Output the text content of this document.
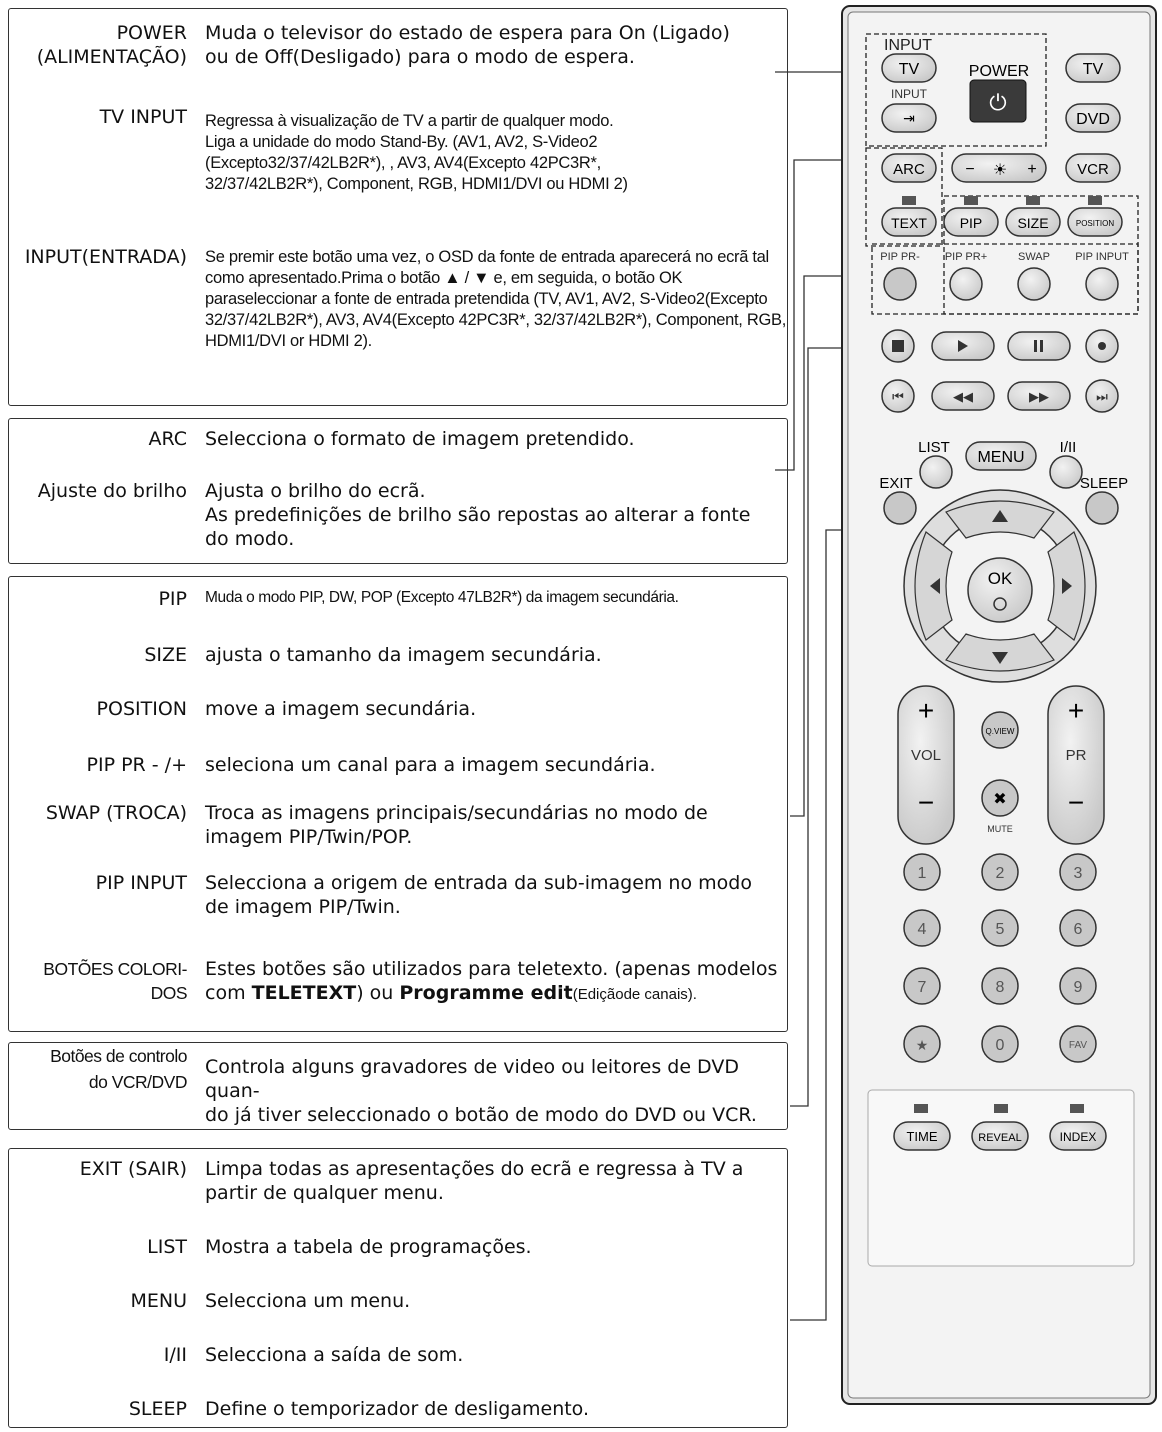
POWER
(ALIMENTAÇÃO)
Muda o televisor do estado de espera para On (Ligado)
ou de Off(Desligado) para o modo de espera.
TV INPUT Regressa à visualização de TV a partir de qualquer modo.
Liga a unidade do modo Stand-By. (AV1, AV2, S-Video2
(Excepto32/37/42LB2R*), , AV3, AV4(Excepto 42PC3R*,
32/37/42LB2R*), Component, RGB, HDMI1/DVI ou HDMI 2)
INPUT(ENTRADA) Se premir este botão uma vez, o OSD da fonte de entrada aparecerá no ecrã tal como apresentado.Prima o botão ▲ / ▼ e, em seguida, o botão OK paraseleccionar a fonte de entrada pretendida (TV, AV1, AV2, S-Video2(Excepto 32/37/42LB2R*), AV3, AV4(Excepto 42PC3R*, 32/37/42LB2R*), Component, RGB, HDMI1/DVI or HDMI 2).
ARC Selecciona o formato de imagem pretendido.
Ajuste do brilho Ajusta o brilho do ecrã.
As predefinições de brilho são repostas ao alterar a fonte
do modo.
PIP Muda o modo PIP, DW, POP (Excepto 47LB2R*) da imagem secundária.
SIZE ajusta o tamanho da imagem secundária.
POSITION move a imagem secundária.
PIP PR - /+ seleciona um canal para a imagem secundária.
SWAP (TROCA) Troca as imagens principais/secundárias no modo de
imagem PIP/Twin/POP.
PIP INPUT Selecciona a origem de entrada da sub-imagem no modo
de imagem PIP/Twin.
BOTÕES COLORI-
DOS
Estes botões são utilizados para teletexto. (apenas modelos
com TELETEXT) ou Programme edit(Ediçãode canais).
Botões de controlo
do VCR/DVD
Controla alguns gravadores de video ou leitores de DVD quan-
do já tiver seleccionado o botão de modo do DVD ou VCR.
EXIT (SAIR) Limpa todas as apresentações do ecrã e regressa à TV a
partir de qualquer menu.
LIST Mostra a tabela de programações.
MENU Selecciona um menu.
I/II Selecciona a saída de som.
SLEEP Define o temporizador de desligamento.
INPUT
TV
INPUT
⇥
POWER
⏻
TV
DVD
ARC	− ☀ +	VCR
TEXT PIP	SIZE	POSITION
PIP PR- PIP PR+	SWAP PIP INPUT
⏮	◀◀	▶▶	⏭
LIST	I/II
EXIT	SLEEP
MENU
OK
+
VOL
−
+
PR
−
Q.VIEW
✖
MUTE
1	2	3
4	5	6
7	8	9
★	0	FAV
TIME	REVEAL	INDEX
